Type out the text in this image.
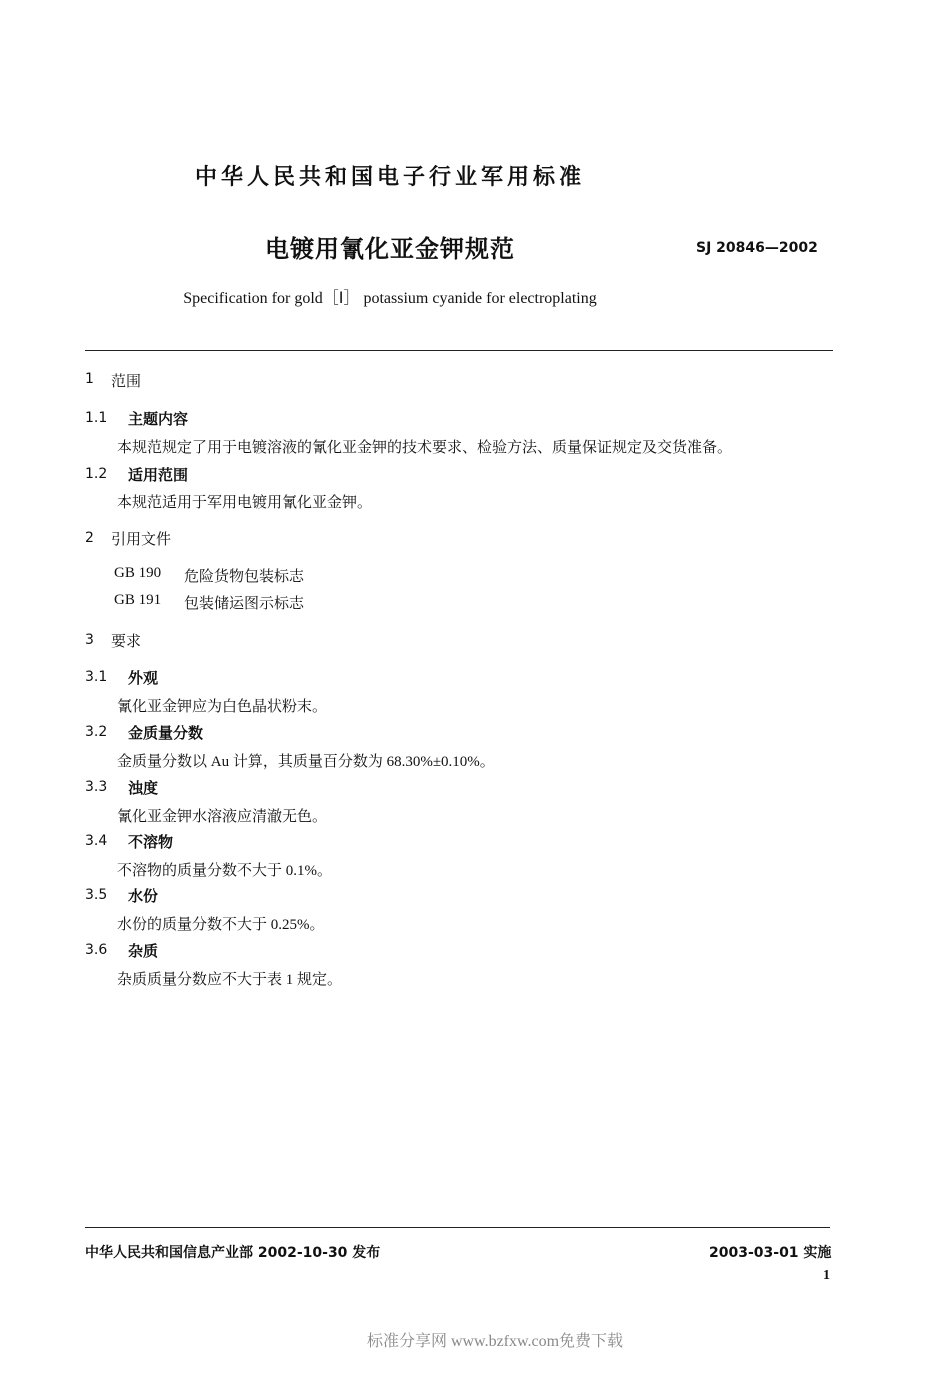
中华人民共和国电子行业军用标准
电镀用氰化亚金钾规范	SJ 20846—2002
Specification for gold［Ⅰ］ potassium cyanide for electroplating
1 范围
1.1 主题内容
本规范规定了用于电镀溶液的氰化亚金钾的技术要求、检验方法、质量保证规定及交货准备。
1.2 适用范围
本规范适用于军用电镀用氰化亚金钾。
2 引用文件
GB 190 危险货物包装标志
GB 191 包装储运图示标志
3 要求
3.1 外观
氰化亚金钾应为白色晶状粉末。
3.2 金质量分数
金质量分数以 Au 计算，其质量百分数为 68.30%±0.10%。
3.3 浊度
氰化亚金钾水溶液应清澈无色。
3.4 不溶物
不溶物的质量分数不大于 0.1%。
3.5 水份
水份的质量分数不大于 0.25%。
3.6 杂质
杂质质量分数应不大于表 1 规定。
中华人民共和国信息产业部 2002-10-30 发布	2003-03-01 实施
1
标准分享网 www.bzfxw.com免费下载
